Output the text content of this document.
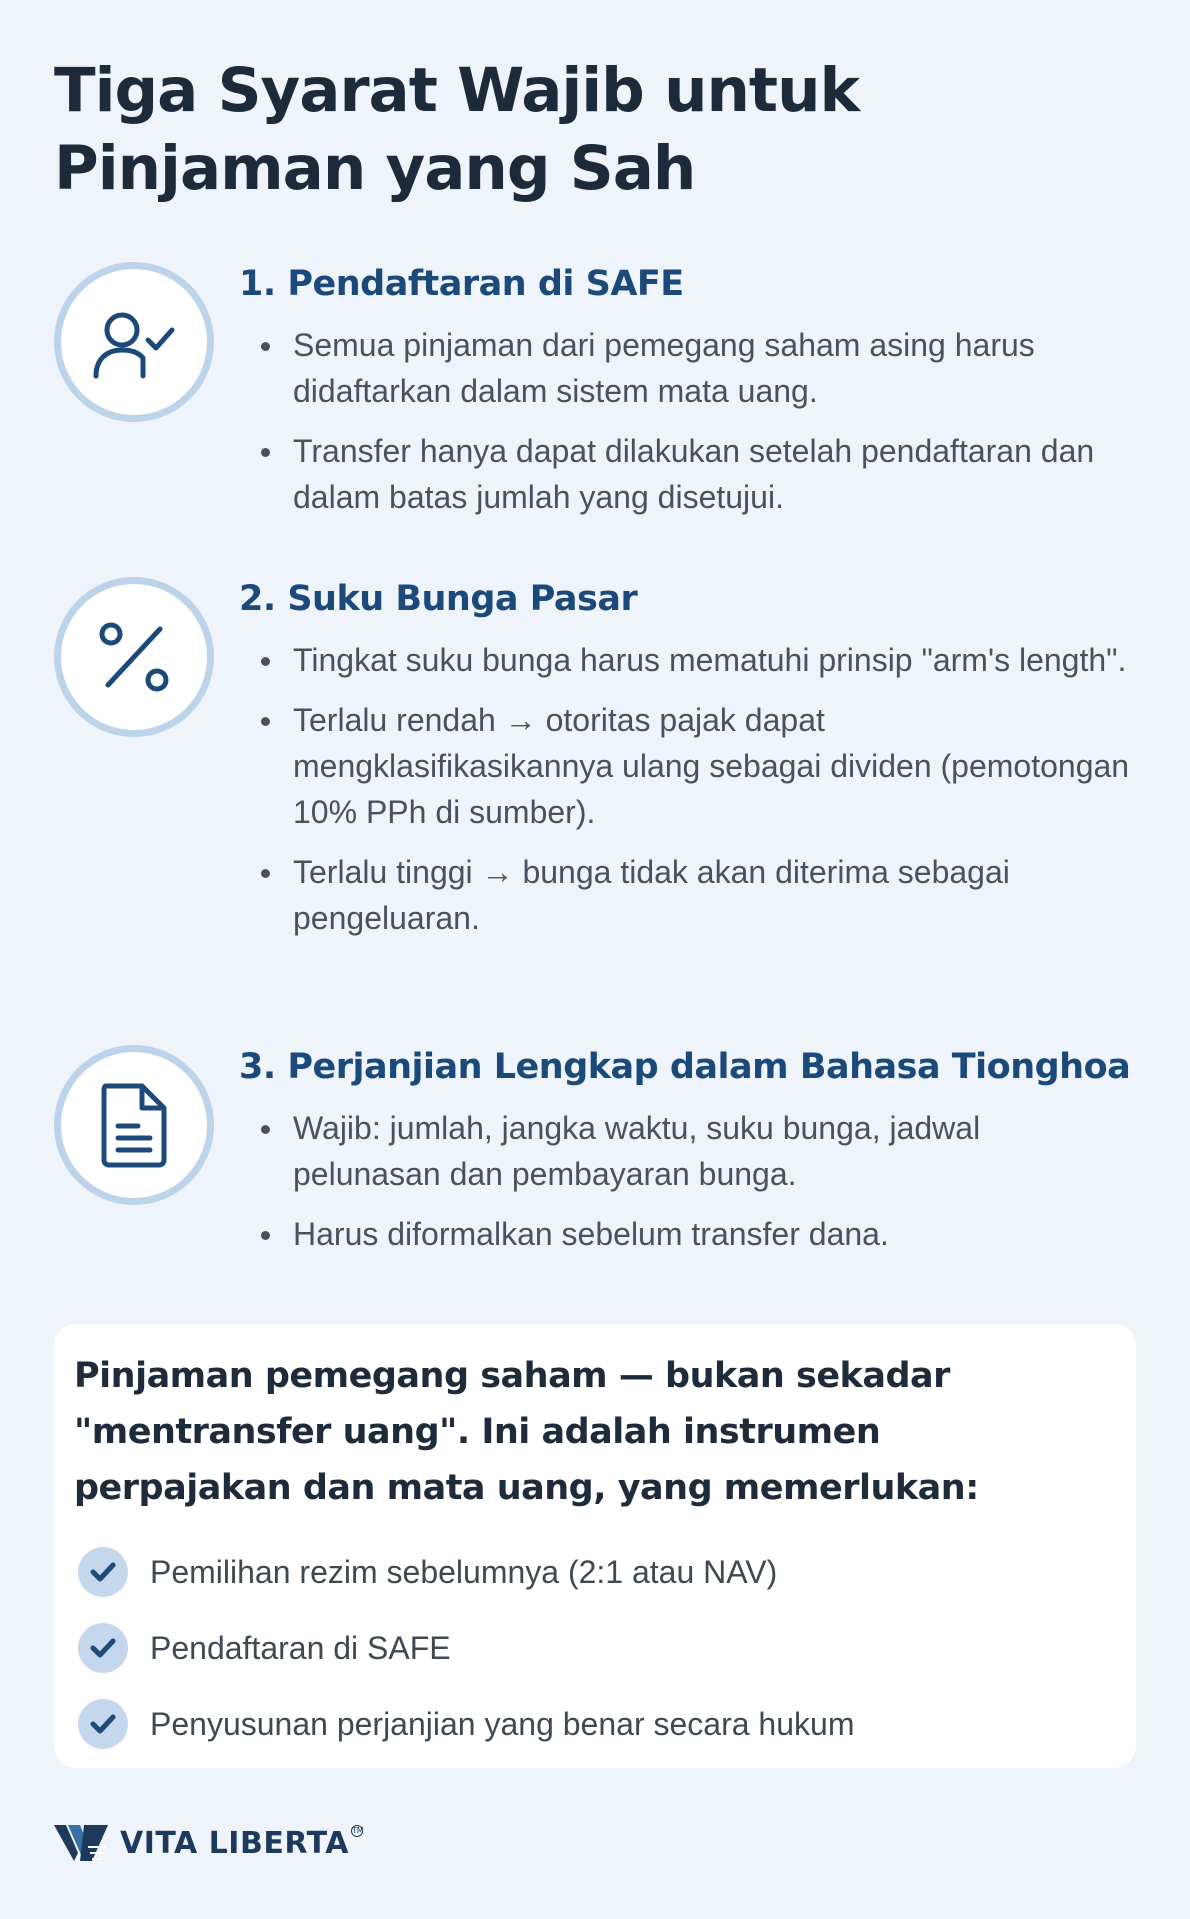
Tiga Syarat Wajib untuk Pinjaman yang Sah
1. Pendaftaran di SAFE
Semua pinjaman dari pemegang saham asing harus didaftarkan dalam sistem mata uang.
Transfer hanya dapat dilakukan setelah pendaftaran dan dalam batas jumlah yang disetujui.
2. Suku Bunga Pasar
Tingkat suku bunga harus mematuhi prinsip "arm's length".
Terlalu rendah → otoritas pajak dapat mengklasifikasikannya ulang sebagai dividen (pemotongan 10% PPh di sumber).
Terlalu tinggi → bunga tidak akan diterima sebagai pengeluaran.
3. Perjanjian Lengkap dalam Bahasa Tionghoa
Wajib: jumlah, jangka waktu, suku bunga, jadwal pelunasan dan pembayaran bunga.
Harus diformalkan sebelum transfer dana.

Pinjaman pemegang saham — bukan sekadar "mentransfer uang". Ini adalah instrumen perpajakan dan mata uang, yang memerlukan:

Pemilihan rezim sebelumnya (2:1 atau NAV)
Pendaftaran di SAFE
Penyusunan perjanjian yang benar secara hukum
VITA LIBERTA TM
